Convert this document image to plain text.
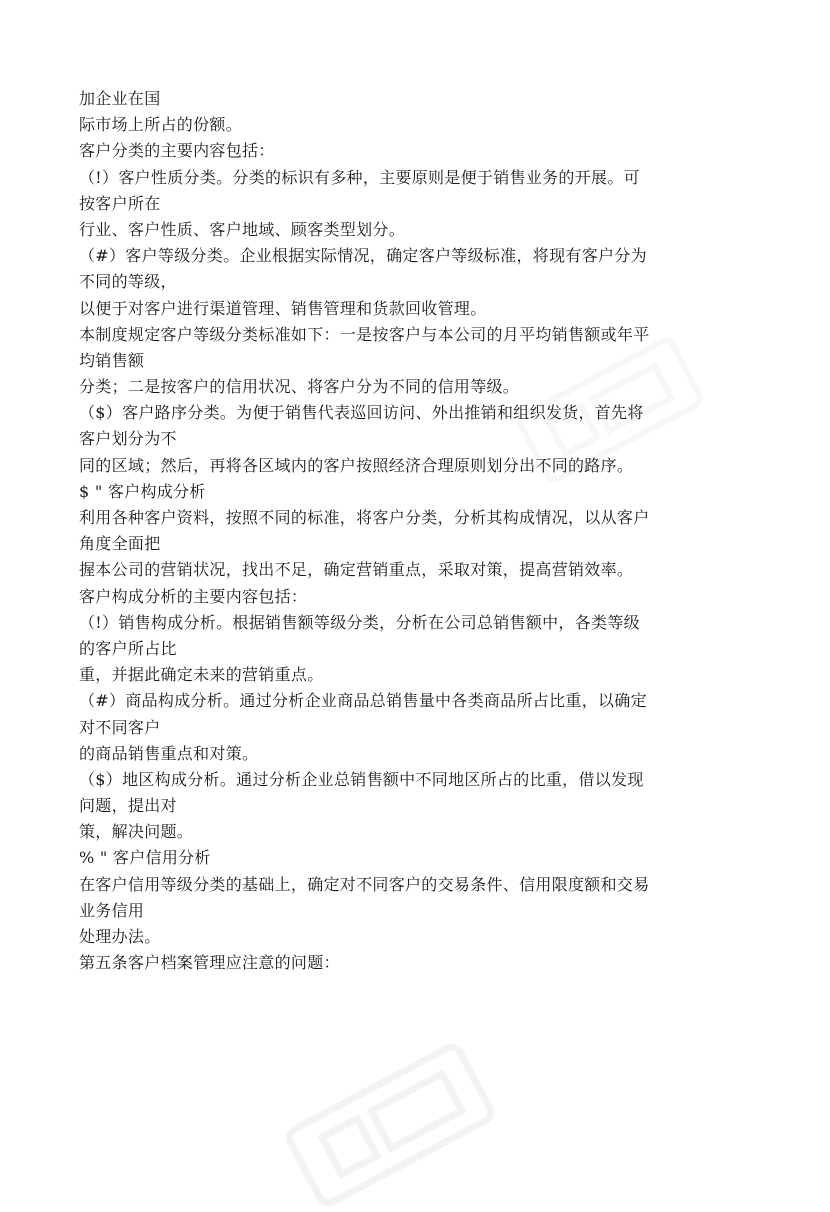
加企业在国
际市场上所占的份额。
客户分类的主要内容包括：
（!）客户性质分类。分类的标识有多种，主要原则是便于销售业务的开展。可
按客户所在
行业、客户性质、客户地域、顾客类型划分。
（#）客户等级分类。企业根据实际情况，确定客户等级标准，将现有客户分为
不同的等级，
以便于对客户进行渠道管理、销售管理和货款回收管理。
本制度规定客户等级分类标准如下：一是按客户与本公司的月平均销售额或年平
均销售额
分类；二是按客户的信用状况、将客户分为不同的信用等级。
（$）客户路序分类。为便于销售代表巡回访问、外出推销和组织发货，首先将
客户划分为不
同的区域；然后，再将各区域内的客户按照经济合理原则划分出不同的路序。
$ " 客户构成分析
利用各种客户资料，按照不同的标准，将客户分类，分析其构成情况，以从客户
角度全面把
握本公司的营销状况，找出不足，确定营销重点，采取对策，提高营销效率。
客户构成分析的主要内容包括：
（!）销售构成分析。根据销售额等级分类，分析在公司总销售额中，各类等级
的客户所占比
重，并据此确定未来的营销重点。
（#）商品构成分析。通过分析企业商品总销售量中各类商品所占比重，以确定
对不同客户
的商品销售重点和对策。
（$）地区构成分析。通过分析企业总销售额中不同地区所占的比重，借以发现
问题，提出对
策，解决问题。
% " 客户信用分析
在客户信用等级分类的基础上，确定对不同客户的交易条件、信用限度额和交易
业务信用
处理办法。
第五条客户档案管理应注意的问题：
